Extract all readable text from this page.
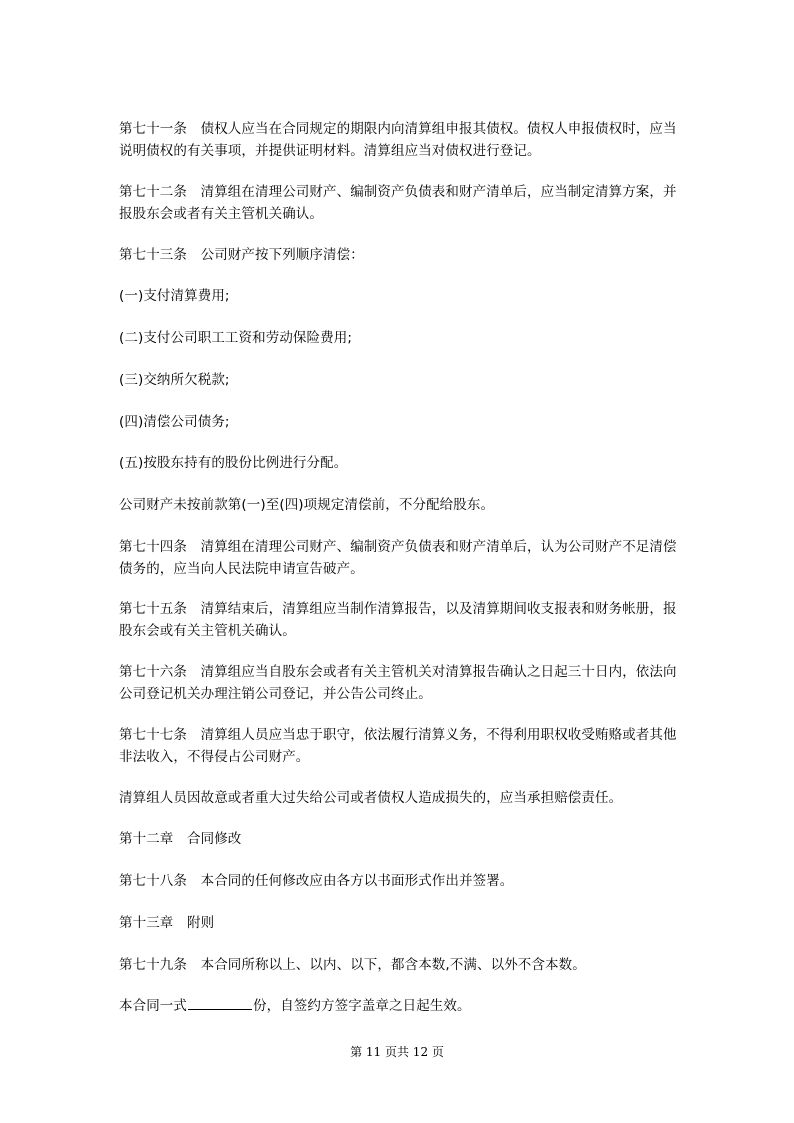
第七十一条　债权人应当在合同规定的期限内向清算组申报其债权。债权人申报债权时，应当说明债权的有关事项，并提供证明材料。清算组应当对债权进行登记。

第七十二条　清算组在清理公司财产、编制资产负债表和财产清单后，应当制定清算方案，并报股东会或者有关主管机关确认。

第七十三条　公司财产按下列顺序清偿：

(一)支付清算费用;

(二)支付公司职工工资和劳动保险费用;

(三)交纳所欠税款;

(四)清偿公司债务;

(五)按股东持有的股份比例进行分配。

公司财产未按前款第(一)至(四)项规定清偿前，不分配给股东。

第七十四条　清算组在清理公司财产、编制资产负债表和财产清单后，认为公司财产不足清偿债务的，应当向人民法院申请宣告破产。

第七十五条　清算结束后，清算组应当制作清算报告，以及清算期间收支报表和财务帐册，报股东会或有关主管机关确认。

第七十六条　清算组应当自股东会或者有关主管机关对清算报告确认之日起三十日内，依法向公司登记机关办理注销公司登记，并公告公司终止。

第七十七条　清算组人员应当忠于职守，依法履行清算义务，不得利用职权收受贿赂或者其他非法收入，不得侵占公司财产。

清算组人员因故意或者重大过失给公司或者债权人造成损失的，应当承担赔偿责任。

第十二章　合同修改

第七十八条　本合同的任何修改应由各方以书面形式作出并签署。

第十三章　附则

第七十九条　本合同所称以上、以内、以下，都含本数,不满、以外不含本数。

本合同一式	份，自签约方签字盖章之日起生效。

第 11 页共 12 页
